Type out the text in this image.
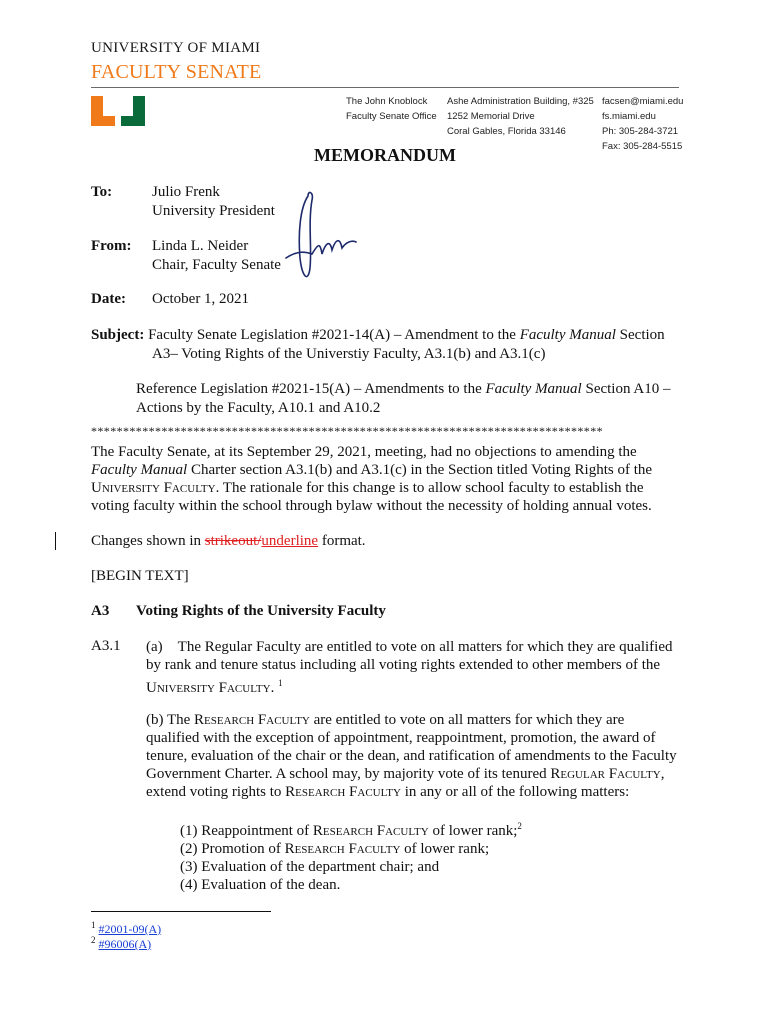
UNIVERSITY OF MIAMI
FACULTY SENATE
The John Knoblock
Faculty Senate Office
Ashe Administration Building, #325
1252 Memorial Drive
Coral Gables, Florida 33146
facsen@miami.edu
fs.miami.edu
Ph: 305-284-3721
Fax: 305-284-5515
MEMORANDUM
To:	Julio Frenk
University President
From: Linda L. Neider
Chair, Faculty Senate
Date: October 1, 2021
Subject: Faculty Senate Legislation #2021-14(A) – Amendment to the Faculty Manual Section
A3– Voting Rights of the Universtiy Faculty, A3.1(b) and A3.1(c)
Reference Legislation #2021-15(A) – Amendments to the Faculty Manual Section A10 –
Actions by the Faculty, A10.1 and A10.2
********************************************************************************
The Faculty Senate, at its September 29, 2021, meeting, had no objections to amending the
Faculty Manual Charter section A3.1(b) and A3.1(c) in the Section titled Voting Rights of the
University Faculty. The rationale for this change is to allow school faculty to establish the
voting faculty within the school through bylaw without the necessity of holding annual votes.
Changes shown in strikeout/underline format.
[BEGIN TEXT]
A3 Voting Rights of the University Faculty
A3.1 (a) The Regular Faculty are entitled to vote on all matters for which they are qualified
by rank and tenure status including all voting rights extended to other members of the
University Faculty. $^1$
(b) The Research Faculty are entitled to vote on all matters for which they are
qualified with the exception of appointment, reappointment, promotion, the award of
tenure, evaluation of the chair or the dean, and ratification of amendments to the Faculty
Government Charter. A school may, by majority vote of its tenured Regular Faculty,
extend voting rights to Research Faculty in any or all of the following matters:
(1) Reappointment of Research Faculty of lower rank;$^2$
(2) Promotion of Research Faculty of lower rank;
(3) Evaluation of the department chair; and
(4) Evaluation of the dean.
$^1$ #2001-09(A)
$^2$ #96006(A)
